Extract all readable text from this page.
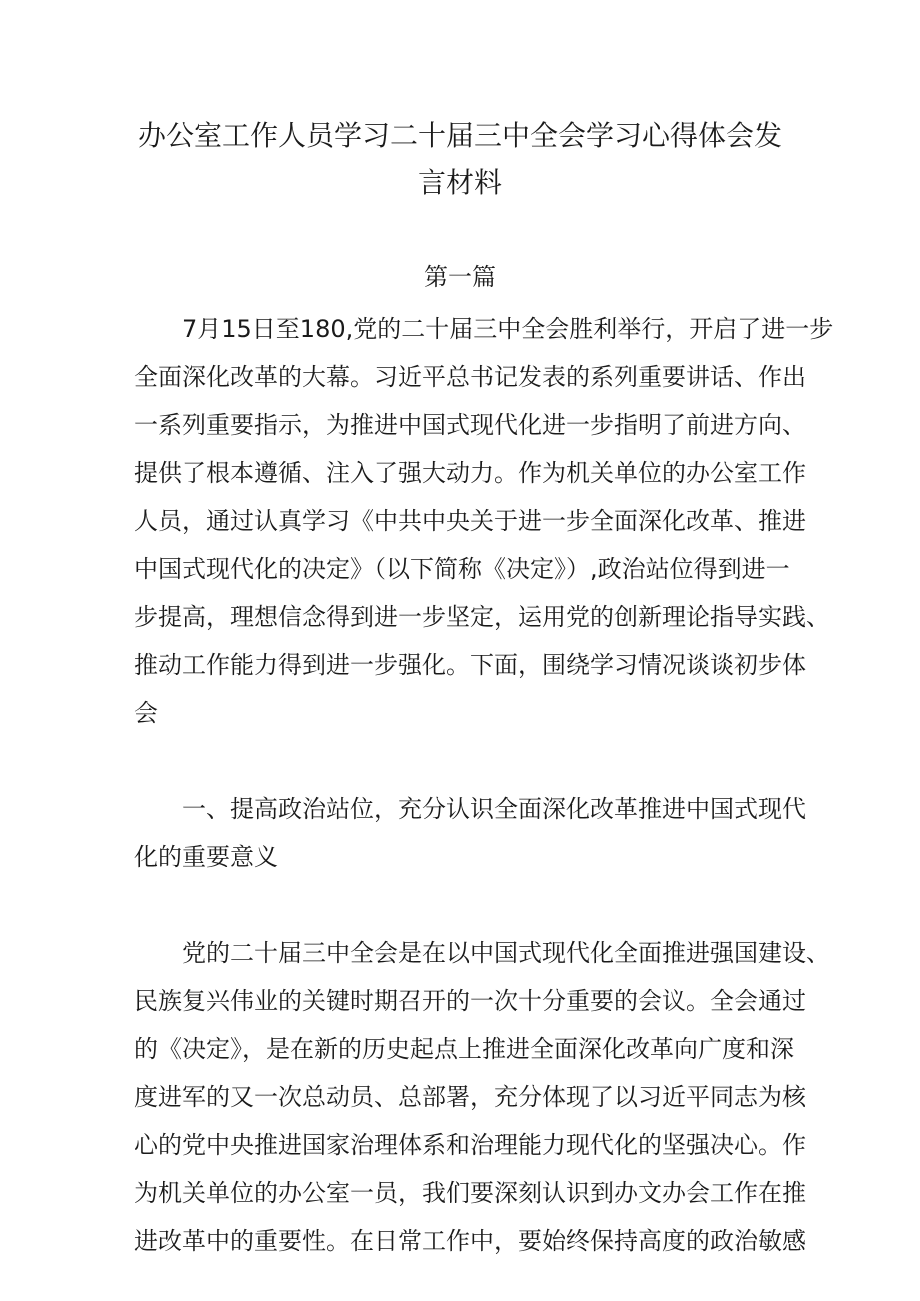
办公室工作人员学习二十届三中全会学习心得体会发
言材料
第一篇
7月15日至180,党的二十届三中全会胜利举行，开启了进一步
全面深化改革的大幕。习近平总书记发表的系列重要讲话、作出
一系列重要指示，为推进中国式现代化进一步指明了前进方向、
提供了根本遵循、注入了强大动力。作为机关单位的办公室工作
人员，通过认真学习《中共中央关于进一步全面深化改革、推进
中国式现代化的决定》（以下简称《决定》）,政治站位得到进一
步提高，理想信念得到进一步坚定，运用党的创新理论指导实践、
推动工作能力得到进一步强化。下面，围绕学习情况谈谈初步体
会
一、提高政治站位，充分认识全面深化改革推进中国式现代
化的重要意义
党的二十届三中全会是在以中国式现代化全面推进强国建设、
民族复兴伟业的关键时期召开的一次十分重要的会议。全会通过
的《决定》，是在新的历史起点上推进全面深化改革向广度和深
度进军的又一次总动员、总部署，充分体现了以习近平同志为核
心的党中央推进国家治理体系和治理能力现代化的坚强决心。作
为机关单位的办公室一员，我们要深刻认识到办文办会工作在推
进改革中的重要性。在日常工作中，要始终保持高度的政治敏感
